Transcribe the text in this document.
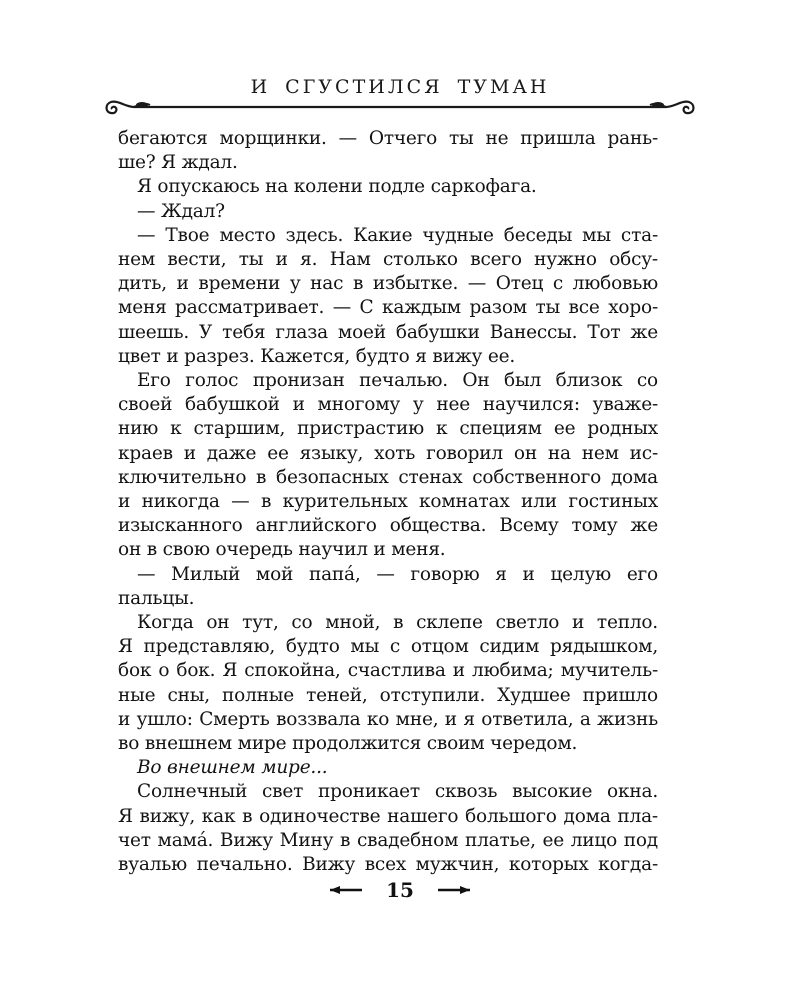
И СГУСТИЛСЯ ТУМАН
бегаются морщинки. — Отчего ты не пришла рань-
ше? Я ждал.
Я опускаюсь на колени подле саркофага.
— Ждал?
— Твое место здесь. Какие чудные беседы мы ста-
нем вести, ты и я. Нам столько всего нужно обсу-
дить, и времени у нас в избытке. — Отец с любовью
меня рассматривает. — С каждым разом ты все хоро-
шеешь. У тебя глаза моей бабушки Ванессы. Тот же
цвет и разрез. Кажется, будто я вижу ее.
Его голос пронизан печалью. Он был близок со
своей бабушкой и многому у нее научился: уваже-
нию к старшим, пристрастию к специям ее родных
краев и даже ее языку, хоть говорил он на нем ис-
ключительно в безопасных стенах собственного дома
и никогда — в курительных комнатах или гостиных
изысканного английского общества. Всему тому же
он в свою очередь научил и меня.
— Милый мой папá, — говорю я и целую его
пальцы.
Когда он тут, со мной, в склепе светло и тепло.
Я представляю, будто мы с отцом сидим рядышком,
бок о бок. Я спокойна, счастлива и любима; мучитель-
ные сны, полные теней, отступили. Худшее пришло
и ушло: Смерть воззвала ко мне, и я ответила, а жизнь
во внешнем мире продолжится своим чередом.
Во внешнем мире...
Солнечный свет проникает сквозь высокие окна.
Я вижу, как в одиночестве нашего большого дома пла-
чет мамá. Вижу Мину в свадебном платье, ее лицо под
вуалью печально. Вижу всех мужчин, которых когда-
15
